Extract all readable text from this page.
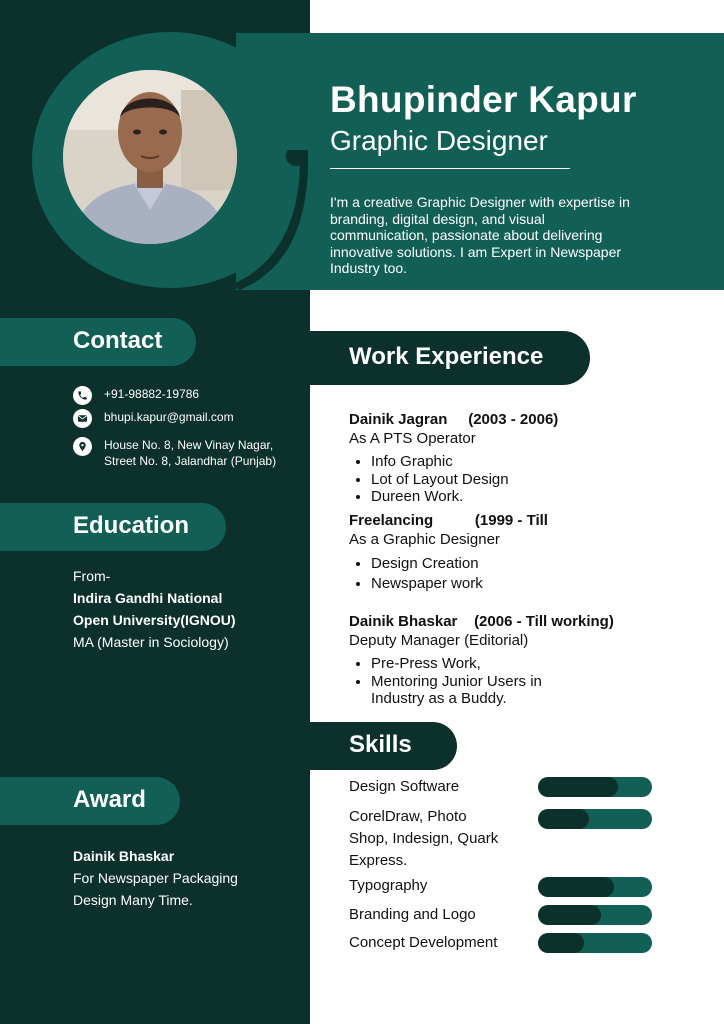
Bhupinder Kapur
Graphic Designer
I'm a creative Graphic Designer with expertise in branding, digital design, and visual communication, passionate about delivering innovative solutions. I am Expert in Newspaper Industry too.
Contact
+91-98882-19786
bhupi.kapur@gmail.com
House No. 8, New Vinay Nagar,
Street No. 8, Jalandhar (Punjab)
Education
From-
Indira Gandhi National
Open University(IGNOU)
MA (Master in Sociology)
Award
Dainik Bhaskar
For Newspaper Packaging
Design Many Time.
Work Experience
Dainik Jagran (2003 - 2006)
As A PTS Operator
• Info Graphic
• Lot of Layout Design
• Dureen Work.
Freelancing	(1999 - Till
As a Graphic Designer
• Design Creation
• Newspaper work
Dainik Bhaskar (2006 - Till working)
Deputy Manager (Editorial)
• Pre-Press Work,
• Mentoring Junior Users in Industry as a Buddy.
Skills
Design Software
CorelDraw, Photo Shop, Indesign, Quark Express.
Typography
Branding and Logo
Concept Development
